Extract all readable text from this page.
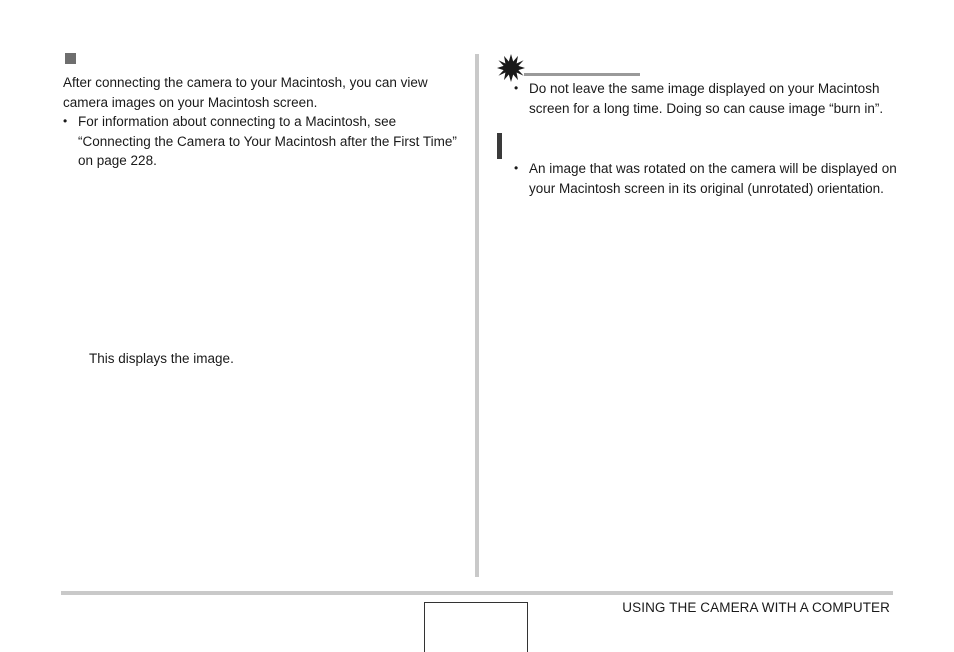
After connecting the camera to your Macintosh, you can view camera images on your Macintosh screen.
• For information about connecting to a Macintosh, see “Connecting the Camera to Your Macintosh after the First Time” on page 228.
This displays the image.
• Do not leave the same image displayed on your Macintosh screen for a long time. Doing so can cause image “burn in”.
• An image that was rotated on the camera will be displayed on your Macintosh screen in its original (unrotated) orientation.
USING THE CAMERA WITH A COMPUTER
